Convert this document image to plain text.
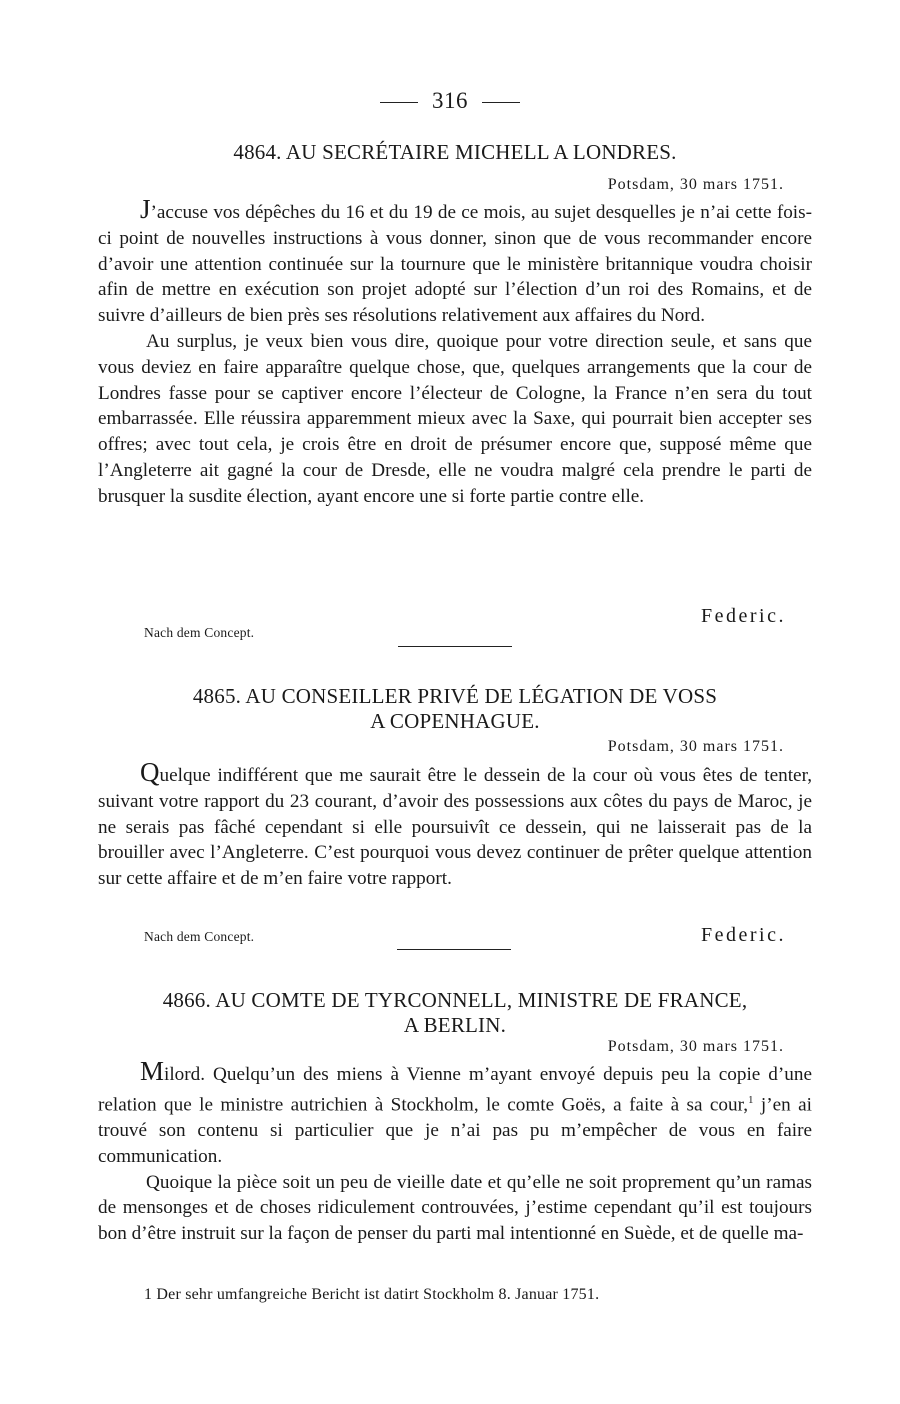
316
4864. AU SECRÉTAIRE MICHELL A LONDRES.
Potsdam, 30 mars 1751.

J’accuse vos dépêches du 16 et du 19 de ce mois, au sujet desquelles je n’ai cette fois-ci point de nouvelles instructions à vous donner, sinon que de vous recommander encore d’avoir une attention continuée sur la tournure que le ministère britannique voudra choisir afin de mettre en exécution son projet adopté sur l’élection d’un roi des Romains, et de suivre d’ailleurs de bien près ses résolutions relativement aux affaires du Nord.

Au surplus, je veux bien vous dire, quoique pour votre direction seule, et sans que vous deviez en faire apparaître quelque chose, que, quelques arrangements que la cour de Londres fasse pour se captiver encore l’électeur de Cologne, la France n’en sera du tout embarrassée. Elle réussira apparemment mieux avec la Saxe, qui pourrait bien accepter ses offres; avec tout cela, je crois être en droit de présumer encore que, supposé même que l’Angleterre ait gagné la cour de Dresde, elle ne voudra malgré cela prendre le parti de brusquer la susdite élection, ayant encore une si forte partie contre elle.

Federic.
Nach dem Concept.
4865. AU CONSEILLER PRIVÉ DE LÉGATION DE VOSS
A COPENHAGUE.
Potsdam, 30 mars 1751.

Quelque indifférent que me saurait être le dessein de la cour où vous êtes de tenter, suivant votre rapport du 23 courant, d’avoir des possessions aux côtes du pays de Maroc, je ne serais pas fâché cependant si elle poursuivît ce dessein, qui ne laisserait pas de la brouiller avec l’Angleterre. C’est pourquoi vous devez continuer de prêter quelque attention sur cette affaire et de m’en faire votre rapport.

Nach dem Concept.	Federic.
4866. AU COMTE DE TYRCONNELL, MINISTRE DE FRANCE,
A BERLIN.
Potsdam, 30 mars 1751.

Milord. Quelqu’un des miens à Vienne m’ayant envoyé depuis peu la copie d’une relation que le ministre autrichien à Stockholm, le comte Goës, a faite à sa cour,$^1$ j’en ai trouvé son contenu si particulier que je n’ai pas pu m’empêcher de vous en faire communication.

Quoique la pièce soit un peu de vieille date et qu’elle ne soit proprement qu’un ramas de mensonges et de choses ridiculement controuvées, j’estime cependant qu’il est toujours bon d’être instruit sur la façon de penser du parti mal intentionné en Suède, et de quelle ma-

1 Der sehr umfangreiche Bericht ist datirt Stockholm 8. Januar 1751.
